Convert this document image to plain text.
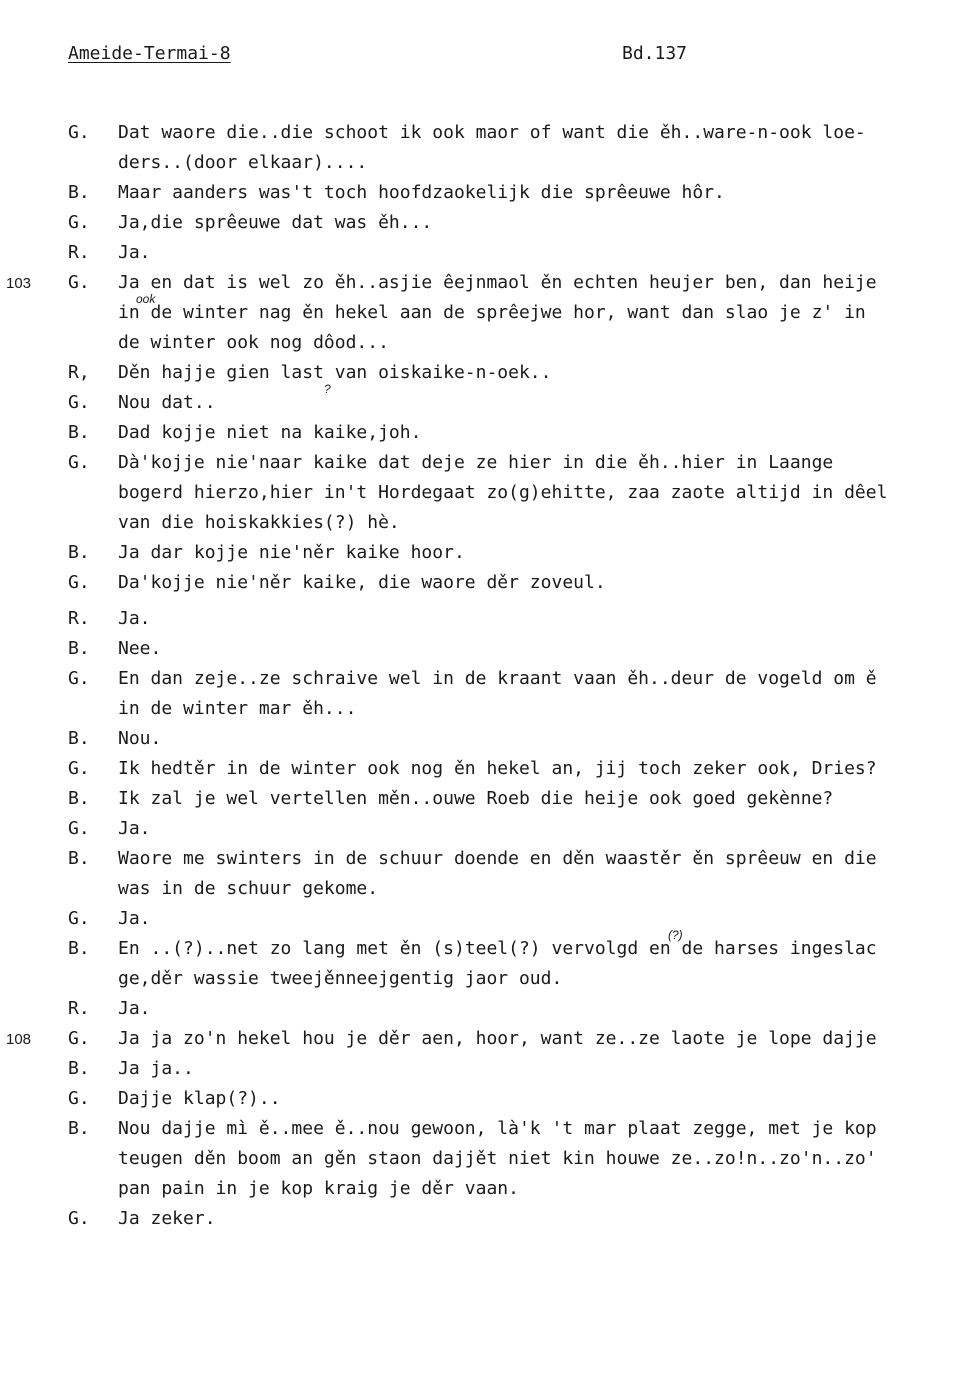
Ameide-Termai-8	Bd.137
G. Dat waore die..die schoot ik ook maor of want die ěh..ware-n-ook loe-
ders..(door elkaar)....
B. Maar aanders was't toch hoofdzaokelijk die sprêeuwe hôr.
G. Ja,die sprêeuwe dat was ěh...
R. Ja.
103 G. Ja en dat is wel zo ěh..asjie êejnmaol ěn echten heujer ben, dan heije
in de winter nag ěn hekel aan de sprêejwe hor, want dan slao je z' in
ook
de winter ook nog dôod...
R, Děn hajje gien last van oiskaike-n-oek..
G. Nou dat..
?
B. Dad kojje niet na kaike,joh.
G. Dà'kojje nie'naar kaike dat deje ze hier in die ěh..hier in Laange
bogerd hierzo,hier in't Hordegaat zo(g)ehitte, zaa zaote altijd in dêel
van die hoiskakkies(?) hè.
B. Ja dar kojje nie'něr kaike hoor.
G. Da'kojje nie'něr kaike, die waore děr zoveul.
R. Ja.
B. Nee.
G. En dan zeje..ze schraive wel in de kraant vaan ěh..deur de vogeld om ě
in de winter mar ěh...
B. Nou.
G. Ik hedtěr in de winter ook nog ěn hekel an, jij toch zeker ook, Dries?
B. Ik zal je wel vertellen měn..ouwe Roeb die heije ook goed gekènne?
G. Ja.
B. Waore me swinters in de schuur doende en děn waastěr ěn sprêeuw en die
was in de schuur gekome.
G. Ja.
B. En ..(?)..net zo lang met ěn (s)teel(?) vervolgd en de harses ingeslac
(?)
ge,děr wassie tweejěnneejgentig jaor oud.
R. Ja.
108 G. Ja ja zo'n hekel hou je děr aen, hoor, want ze..ze laote je lope dajje
B. Ja ja..
G. Dajje klap(?)..
B. Nou dajje mì ě..mee ě..nou gewoon, là'k 't mar plaat zegge, met je kop
teugen děn boom an gěn staon dajjět niet kin houwe ze..zo!n..zo'n..zo'
pan pain in je kop kraig je děr vaan.
G. Ja zeker.
